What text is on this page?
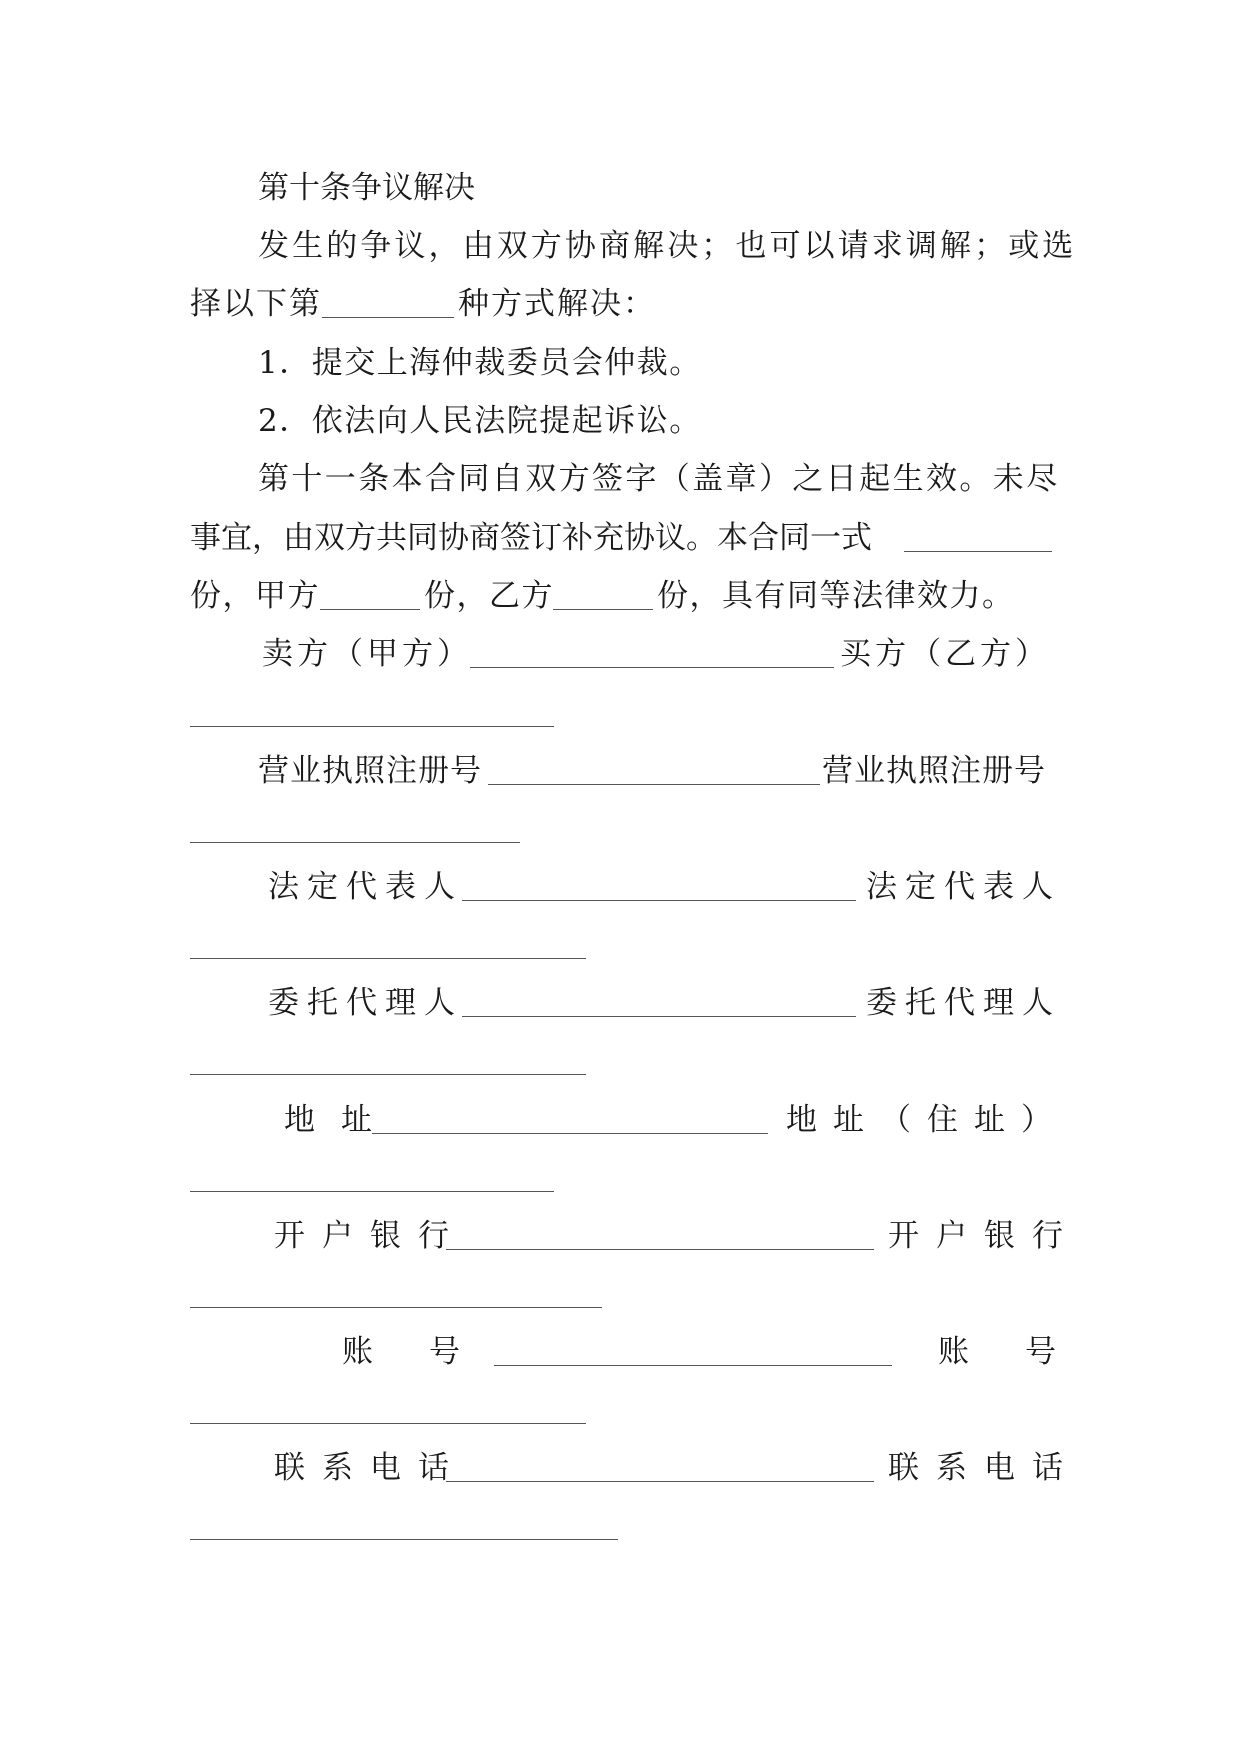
第十条争议解决

发生的争议，由双方协商解决；也可以请求调解；或选

择以下第	种方式解决：

1．提交上海仲裁委员会仲裁。

2．依法向人民法院提起诉讼。

第十一条本合同自双方签字（盖章）之日起生效。未尽

事宜，由双方共同协商签订补充协议。本合同一式

份，甲方	份，乙方	份，具有同等法律效力。

卖方（甲方）	买方（乙方）

营业执照注册号	营业执照注册号

法定代表人	法定代表人

委托代理人	委托代理人

地址	地址（住址）

开户银行	开户银行

账号	账号

联系电话	联系电话
